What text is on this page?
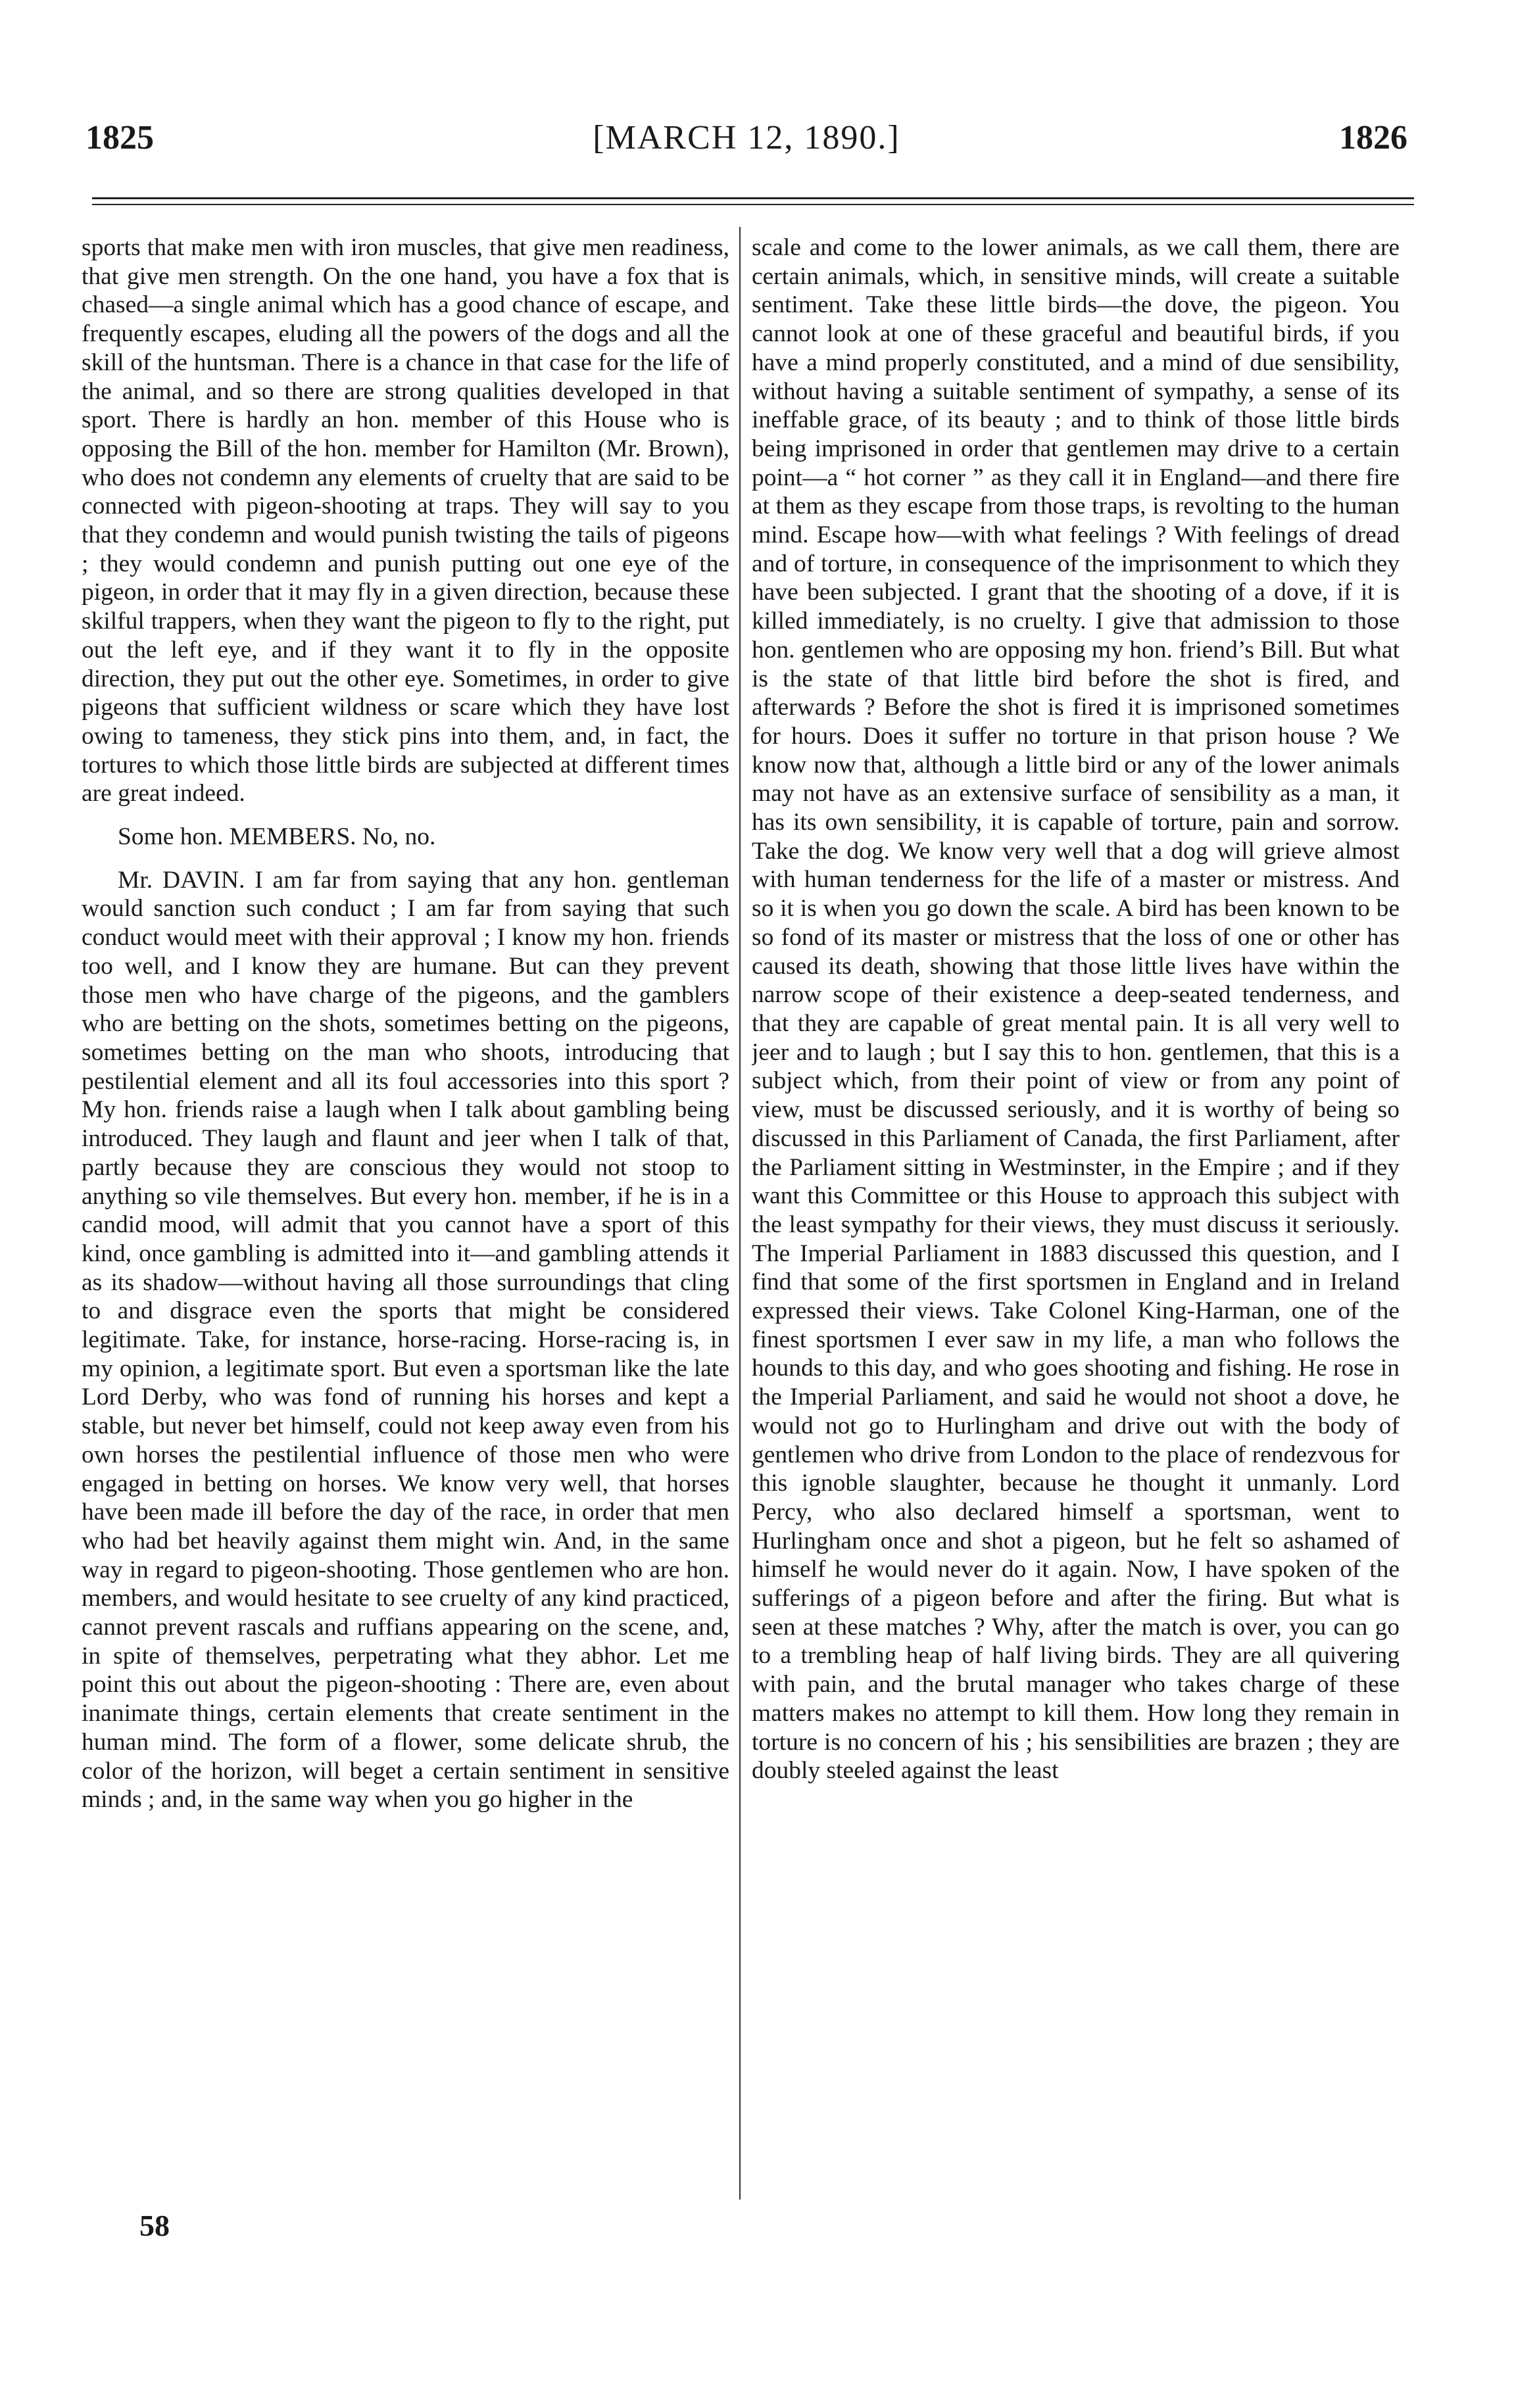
1825	[MARCH 12, 1890.]	1826

sports that make men with iron muscles, that give men readiness, that give men strength. On the one hand, you have a fox that is chased—a single animal which has a good chance of escape, and frequently escapes, eluding all the powers of the dogs and all the skill of the huntsman. There is a chance in that case for the life of the animal, and so there are strong qualities developed in that sport. There is hardly an hon. member of this House who is opposing the Bill of the hon. member for Hamilton (Mr. Brown), who does not condemn any elements of cruelty that are said to be connected with pigeon-shooting at traps. They will say to you that they condemn and would punish twisting the tails of pigeons ; they would condemn and punish putting out one eye of the pigeon, in order that it may fly in a given direction, because these skilful trappers, when they want the pigeon to fly to the right, put out the left eye, and if they want it to fly in the opposite direction, they put out the other eye. Sometimes, in order to give pigeons that sufficient wildness or scare which they have lost owing to tameness, they stick pins into them, and, in fact, the tortures to which those little birds are subjected at different times are great indeed.

Some hon. MEMBERS. No, no.

Mr. DAVIN. I am far from saying that any hon. gentleman would sanction such conduct ; I am far from saying that such conduct would meet with their approval ; I know my hon. friends too well, and I know they are humane. But can they prevent those men who have charge of the pigeons, and the gamblers who are betting on the shots, sometimes betting on the pigeons, sometimes betting on the man who shoots, introducing that pestilential element and all its foul accessories into this sport ? My hon. friends raise a laugh when I talk about gambling being introduced. They laugh and flaunt and jeer when I talk of that, partly because they are conscious they would not stoop to anything so vile themselves. But every hon. member, if he is in a candid mood, will admit that you cannot have a sport of this kind, once gambling is admitted into it—and gambling attends it as its shadow—without having all those surroundings that cling to and disgrace even the sports that might be considered legitimate. Take, for instance, horse-racing. Horse-racing is, in my opinion, a legitimate sport. But even a sportsman like the late Lord Derby, who was fond of running his horses and kept a stable, but never bet himself, could not keep away even from his own horses the pestilential influence of those men who were engaged in betting on horses. We know very well, that horses have been made ill before the day of the race, in order that men who had bet heavily against them might win. And, in the same way in regard to pigeon-shooting. Those gentlemen who are hon. members, and would hesitate to see cruelty of any kind practiced, cannot prevent rascals and ruffians appearing on the scene, and, in spite of themselves, perpetrating what they abhor. Let me point this out about the pigeon-shooting : There are, even about inanimate things, certain elements that create sentiment in the human mind. The form of a flower, some delicate shrub, the color of the horizon, will beget a certain sentiment in sensitive minds ; and, in the same way when you go higher in the

scale and come to the lower animals, as we call them, there are certain animals, which, in sensitive minds, will create a suitable sentiment. Take these little birds—the dove, the pigeon. You cannot look at one of these graceful and beautiful birds, if you have a mind properly constituted, and a mind of due sensibility, without having a suitable sentiment of sympathy, a sense of its ineffable grace, of its beauty ; and to think of those little birds being imprisoned in order that gentlemen may drive to a certain point—a “ hot corner ” as they call it in England—and there fire at them as they escape from those traps, is revolting to the human mind. Escape how—with what feelings ? With feelings of dread and of torture, in consequence of the imprisonment to which they have been subjected. I grant that the shooting of a dove, if it is killed immediately, is no cruelty. I give that admission to those hon. gentlemen who are opposing my hon. friend’s Bill. But what is the state of that little bird before the shot is fired, and afterwards ? Before the shot is fired it is imprisoned sometimes for hours. Does it suffer no torture in that prison house ? We know now that, although a little bird or any of the lower animals may not have as an extensive surface of sensibility as a man, it has its own sensibility, it is capable of torture, pain and sorrow. Take the dog. We know very well that a dog will grieve almost with human tenderness for the life of a master or mistress. And so it is when you go down the scale. A bird has been known to be so fond of its master or mistress that the loss of one or other has caused its death, showing that those little lives have within the narrow scope of their existence a deep-seated tenderness, and that they are capable of great mental pain. It is all very well to jeer and to laugh ; but I say this to hon. gentlemen, that this is a subject which, from their point of view or from any point of view, must be discussed seriously, and it is worthy of being so discussed in this Parliament of Canada, the first Parliament, after the Parliament sitting in Westminster, in the Empire ; and if they want this Committee or this House to approach this subject with the least sympathy for their views, they must discuss it seriously. The Imperial Parliament in 1883 discussed this question, and I find that some of the first sportsmen in England and in Ireland expressed their views. Take Colonel King-Harman, one of the finest sportsmen I ever saw in my life, a man who follows the hounds to this day, and who goes shooting and fishing. He rose in the Imperial Parliament, and said he would not shoot a dove, he would not go to Hurlingham and drive out with the body of gentlemen who drive from London to the place of rendezvous for this ignoble slaughter, because he thought it unmanly. Lord Percy, who also declared himself a sportsman, went to Hurlingham once and shot a pigeon, but he felt so ashamed of himself he would never do it again. Now, I have spoken of the sufferings of a pigeon before and after the firing. But what is seen at these matches ? Why, after the match is over, you can go to a trembling heap of half living birds. They are all quivering with pain, and the brutal manager who takes charge of these matters makes no attempt to kill them. How long they remain in torture is no concern of his ; his sensibilities are brazen ; they are doubly steeled against the least

58
